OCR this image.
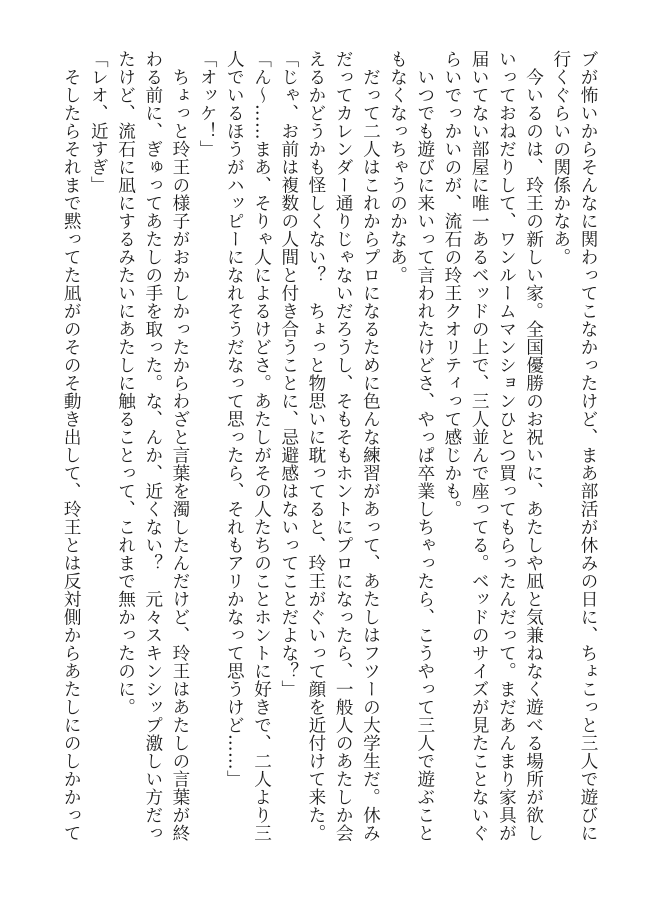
ブが怖いからそんなに関わってこなかったけど、まあ部活が休みの日に、ちょこっと三人で遊びに
行くぐらいの関係かなあ。
　今いるのは、玲王の新しい家。全国優勝のお祝いに、あたしや凪と気兼ねなく遊べる場所が欲し
いっておねだりして、ワンルームマンションひとつ買ってもらったんだって。まだあんまり家具が
届いてない部屋に唯一あるベッドの上で、三人並んで座ってる。ベッドのサイズが見たことないぐ
らいでっかいのが、流石の玲王クオリティって感じかも。
　いつでも遊びに来いって言われたけどさ、やっぱ卒業しちゃったら、こうやって三人で遊ぶこと
もなくなっちゃうのかなあ。
　だって二人はこれからプロになるために色んな練習があって、あたしはフツーの大学生だ。休み
だってカレンダー通りじゃないだろうし、そもそもホントにプロになったら、一般人のあたしか会
えるかどうかも怪しくない？　ちょっと物思いに耽ってると、玲王がぐいって顔を近付けて来た。
「じゃ、お前は複数の人間と付き合うことに、忌避感はないってことだよな？」
「ん〜……まあ、そりゃ人によるけどさ。あたしがその人たちのことホントに好きで、二人より三
人でいるほうがハッピーになれそうだなって思ったら、それもアリかなって思うけど……」
「オッケ！」
　ちょっと玲王の様子がおかしかったからわざと言葉を濁したんだけど、玲王はあたしの言葉が終
わる前に、ぎゅってあたしの手を取った。な、んか、近くない？　元々スキンシップ激しい方だっ
たけど、流石に凪にするみたいにあたしに触ることって、これまで無かったのに。
「レオ、近すぎ」
　そしたらそれまで黙ってた凪がのそのそ動き出して、玲王とは反対側からあたしにのしかかって
